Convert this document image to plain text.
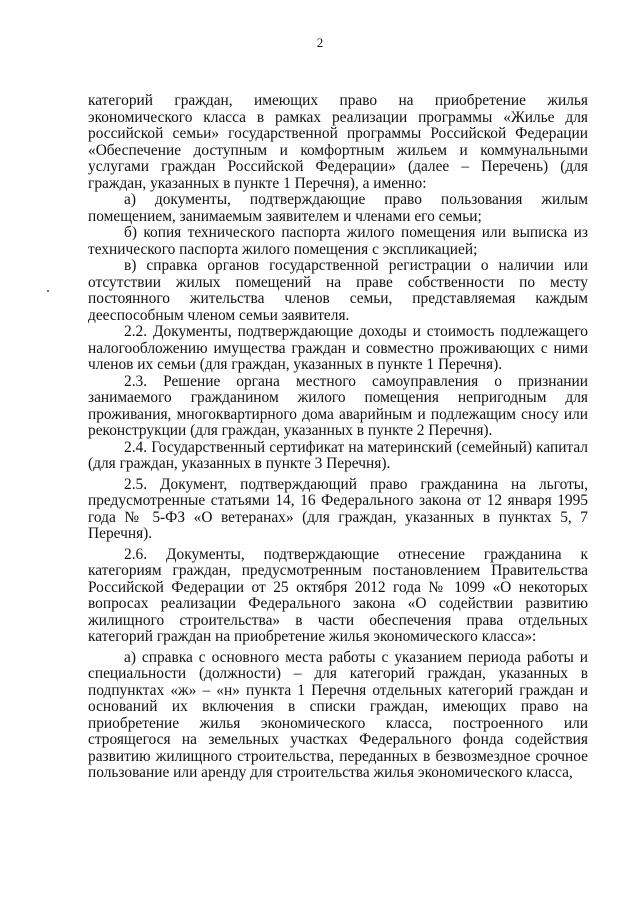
2

категорий граждан, имеющих право на приобретение жилья экономического класса в рамках реализации программы «Жилье для российской семьи» государственной программы Российской Федерации «Обеспечение доступным и комфортным жильем и коммунальными услугами граждан Российской Федерации» (далее – Перечень) (для граждан, указанных в пункте 1 Перечня), а именно:

а) документы, подтверждающие право пользования жилым помещением, занимаемым заявителем и членами его семьи;

б) копия технического паспорта жилого помещения или выписка из технического паспорта жилого помещения с экспликацией;

в) справка органов государственной регистрации о наличии или отсутствии жилых помещений на праве собственности по месту постоянного жительства членов семьи, представляемая каждым дееспособным членом семьи заявителя.

2.2. Документы, подтверждающие доходы и стоимость подлежащего налогообложению имущества граждан и совместно проживающих с ними членов их семьи (для граждан, указанных в пункте 1 Перечня).

2.3. Решение органа местного самоуправления о признании занимаемого гражданином жилого помещения непригодным для проживания, многоквартирного дома аварийным и подлежащим сносу или реконструкции (для граждан, указанных в пункте 2 Перечня).

2.4. Государственный сертификат на материнский (семейный) капитал (для граждан, указанных в пункте 3 Перечня).

2.5. Документ, подтверждающий право гражданина на льготы, предусмотренные статьями 14, 16 Федерального закона от 12 января 1995 года № 5-ФЗ «О ветеранах» (для граждан, указанных в пунктах 5, 7 Перечня).

2.6. Документы, подтверждающие отнесение гражданина к категориям граждан, предусмотренным постановлением Правительства Российской Федерации от 25 октября 2012 года № 1099 «О некоторых вопросах реализации Федерального закона «О содействии развитию жилищного строительства» в части обеспечения права отдельных категорий граждан на приобретение жилья экономического класса»:

а) справка с основного места работы с указанием периода работы и специальности (должности) – для категорий граждан, указанных в подпунктах «ж» – «н» пункта 1 Перечня отдельных категорий граждан и оснований их включения в списки граждан, имеющих право на приобретение жилья экономического класса, построенного или строящегося на земельных участках Федерального фонда содействия развитию жилищного строительства, переданных в безвозмездное срочное пользование или аренду для строительства жилья экономического класса,
